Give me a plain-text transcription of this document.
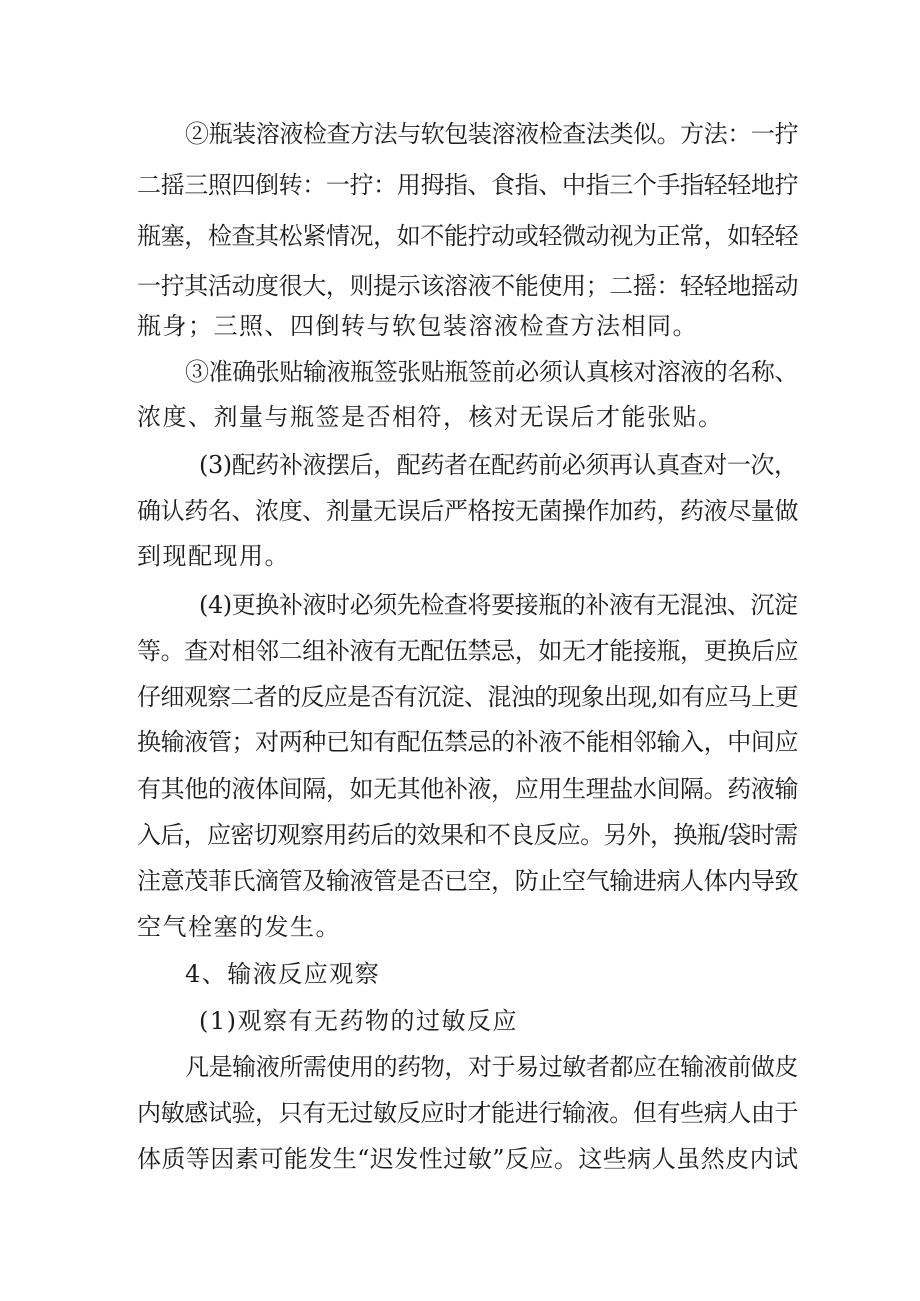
②瓶装溶液检查方法与软包装溶液检查法类似。方法：一拧
二摇三照四倒转：一拧：用拇指、食指、中指三个手指轻轻地拧
瓶塞，检查其松紧情况，如不能拧动或轻微动视为正常，如轻轻
一拧其活动度很大，则提示该溶液不能使用；二摇：轻轻地摇动
瓶身；三照、四倒转与软包装溶液检查方法相同。
③准确张贴输液瓶签张贴瓶签前必须认真核对溶液的名称、
浓度、剂量与瓶签是否相符，核对无误后才能张贴。
(3)配药补液摆后，配药者在配药前必须再认真查对一次，
确认药名、浓度、剂量无误后严格按无菌操作加药，药液尽量做
到现配现用。
(4)更换补液时必须先检查将要接瓶的补液有无混浊、沉淀
等。查对相邻二组补液有无配伍禁忌，如无才能接瓶，更换后应
仔细观察二者的反应是否有沉淀、混浊的现象出现,如有应马上更
换输液管；对两种已知有配伍禁忌的补液不能相邻输入，中间应
有其他的液体间隔，如无其他补液，应用生理盐水间隔。药液输
入后，应密切观察用药后的效果和不良反应。另外，换瓶/袋时需
注意茂菲氏滴管及输液管是否已空，防止空气输进病人体内导致
空气栓塞的发生。
4、输液反应观察
(1)观察有无药物的过敏反应
凡是输液所需使用的药物，对于易过敏者都应在输液前做皮
内敏感试验，只有无过敏反应时才能进行输液。但有些病人由于
体质等因素可能发生“迟发性过敏”反应。这些病人虽然皮内试
